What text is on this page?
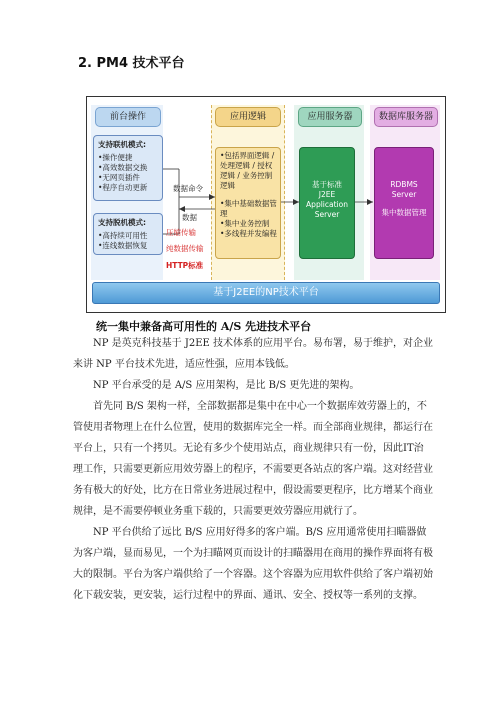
2. PM4 技术平台
前台操作	应用逻辑	应用服务器	数据库服务器
支持联机模式:
•操作便捷
•高效数据交换
•无网页插件
•程序自动更新
支持脱机模式:
•高持续可用性
•连线数据恢复
数据命令
数据
压缩传输
纯数据传输
HTTP标准
•包括界面逻辑 /
处理逻辑 / 授权
逻辑 / 业务控制
逻辑
•集中基础数据管
理
•集中业务控制
•多线程并发编程
基于标准
J2EE
Application
Server
RDBMS
Server
集中数据管理
基于J2EE的NP技术平台
统一集中兼备高可用性的 A/S 先进技术平台

NP 是英克科技基于 J2EE 技术体系的应用平台。易布署，易于维护，对企业来讲 NP 平台技术先进，适应性强，应用本钱低。

NP 平台承受的是 A/S 应用架构，是比 B/S 更先进的架构。

首先同 B/S 架构一样，全部数据都是集中在中心一个数据库效劳器上的，不管使用者物理上在什么位置，使用的数据库完全一样。而全部商业规律，都运行在平台上，只有一个拷贝。无论有多少个使用站点，商业规律只有一份，因此IT治理工作，只需要更新应用效劳器上的程序，不需要更各站点的客户端。这对经营业务有极大的好处，比方在日常业务进展过程中，假设需要更程序，比方增某个商业规律，是不需要停顿业务重下载的，只需要更效劳器应用就行了。

NP 平台供给了远比 B/S 应用好得多的客户端。B/S 应用通常使用扫瞄器做为客户端，显而易见，一个为扫瞄网页而设计的扫瞄器用在商用的操作界面将有极大的限制。平台为客户端供给了一个容器。这个容器为应用软件供给了客户端初始化下载安装，更安装，运行过程中的界面、通讯、安全、授权等一系列的支撑。
